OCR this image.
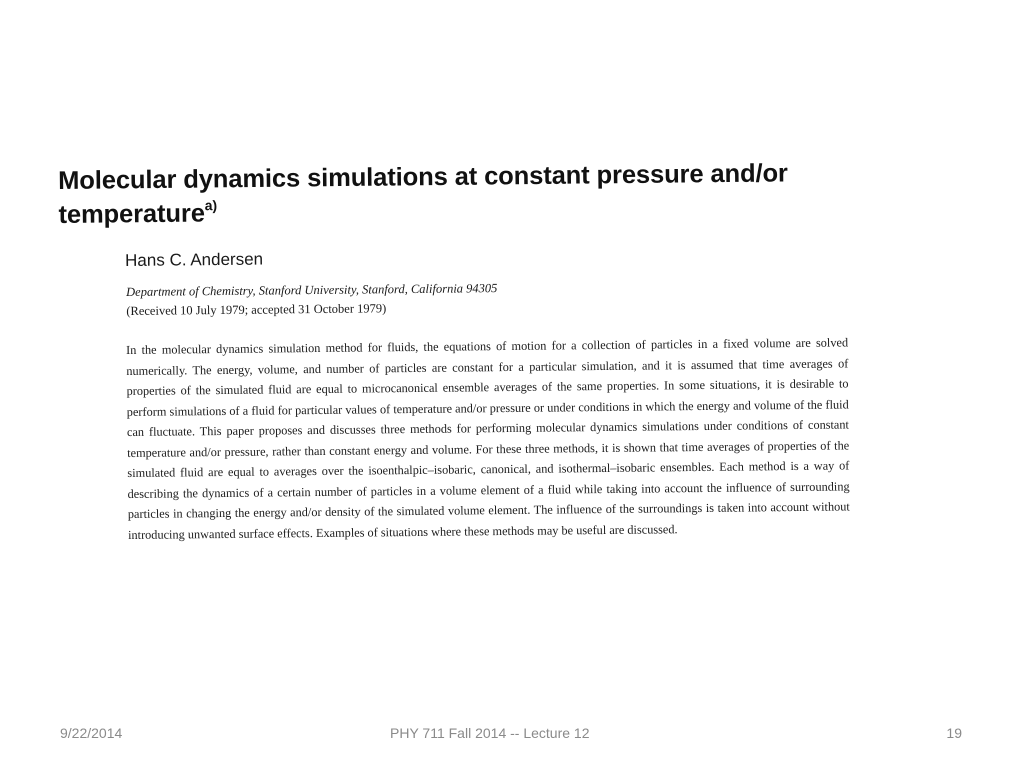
Molecular dynamics simulations at constant pressure and/or temperature$^{a)}$

Hans C. Andersen

Department of Chemistry, Stanford University, Stanford, California 94305
(Received 10 July 1979; accepted 31 October 1979)

In the molecular dynamics simulation method for fluids, the equations of motion for a collection of particles in a fixed volume are solved numerically. The energy, volume, and number of particles are constant for a particular simulation, and it is assumed that time averages of properties of the simulated fluid are equal to microcanonical ensemble averages of the same properties. In some situations, it is desirable to perform simulations of a fluid for particular values of temperature and/or pressure or under conditions in which the energy and volume of the fluid can fluctuate. This paper proposes and discusses three methods for performing molecular dynamics simulations under conditions of constant temperature and/or pressure, rather than constant energy and volume. For these three methods, it is shown that time averages of properties of the simulated fluid are equal to averages over the isoenthalpic–isobaric, canonical, and isothermal–isobaric ensembles. Each method is a way of describing the dynamics of a certain number of particles in a volume element of a fluid while taking into account the influence of surrounding particles in changing the energy and/or density of the simulated volume element. The influence of the surroundings is taken into account without introducing unwanted surface effects. Examples of situations where these methods may be useful are discussed.

9/22/2014	PHY 711 Fall 2014 -- Lecture 12	19
